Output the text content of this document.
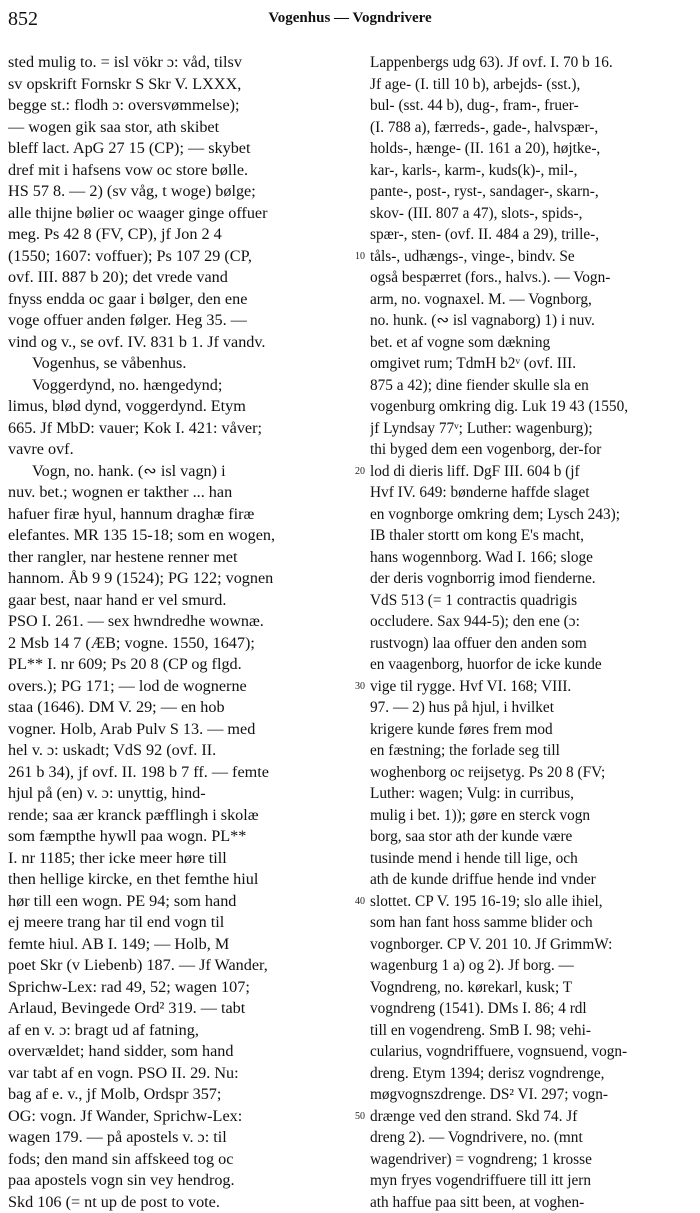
852	Vogenhus — Vogndrivere
sted mulig to. = isl vökr ɔ: våd, tilsv
sv opskrift Fornskr S Skr V. LXXX,
begge st.: flodh ɔ: oversvømmelse);
— wogen gik saa stor, ath skibet
bleff lact. ApG 27 15 (CP); — skybet
dref mit i hafsens vow oc store bølle.
HS 57 8. — 2) (sv våg, t woge) bølge;
alle thijne bølier oc waager ginge offuer
meg. Ps 42 8 (FV, CP), jf Jon 2 4
(1550; 1607: voffuer); Ps 107 29 (CP,
ovf. III. 887 b 20); det vrede vand
fnyss endda oc gaar i bølger, den ene
voge offuer anden følger. Heg 35. —
vind og v., se ovf. IV. 831 b 1. Jf vandv.
Vogenhus, se våbenhus.
Voggerdynd, no. hængedynd;
limus, blød dynd, voggerdynd. Etym
665. Jf MbD: vauer; Kok I. 421: våver;
vavre ovf.
Vogn, no. hank. (∾ isl vagn) i
nuv. bet.; wognen er takther ... han
hafuer firæ hyul, hannum draghæ firæ
elefantes. MR 135 15-18; som en wogen,
ther rangler, nar hestene renner met
hannom. Åb 9 9 (1524); PG 122; vognen
gaar best, naar hand er vel smurd.
PSO I. 261. — sex hwndredhe wownæ.
2 Msb 14 7 (ÆB; vogne. 1550, 1647);
PL** I. nr 609; Ps 20 8 (CP og flgd.
overs.); PG 171; — lod de wognerne
staa (1646). DM V. 29; — en hob
vogner. Holb, Arab Pulv S 13. — med
hel v. ɔ: uskadt; VdS 92 (ovf. II.
261 b 34), jf ovf. II. 198 b 7 ff. — femte
hjul på (en) v. ɔ: unyttig, hind-
rende; saa ær kranck pæfflingh i skolæ
som fæmpthe hywll paa wogn. PL**
I. nr 1185; ther icke meer høre till
then hellige kircke, en thet femthe hiul
hør till een wogn. PE 94; som hand
ej meere trang har til end vogn til
femte hiul. AB I. 149; — Holb, M
poet Skr (v Liebenb) 187. — Jf Wander,
Sprichw-Lex: rad 49, 52; wagen 107;
Arlaud, Bevingede Ord² 319. — tabt
af en v. ɔ: bragt ud af fatning,
overvældet; hand sidder, som hand
var tabt af en vogn. PSO II. 29. Nu:
bag af e. v., jf Molb, Ordspr 357;
OG: vogn. Jf Wander, Sprichw-Lex:
wagen 179. — på apostels v. ɔ: til
fods; den mand sin affskeed tog oc
paa apostels vogn sin vey hendrog.
Skd 106 (= nt up de post to vote.
Lappenbergs udg 63). Jf ovf. I. 70 b 16.
Jf age- (I. till 10 b), arbejds- (sst.),
bul- (sst. 44 b), dug-, fram-, fruer-
(I. 788 a), færreds-, gade-, halvspær-,
holds-, hænge- (II. 161 a 20), højtke-,
kar-, karls-, karm-, kuds(k)-, mil-,
pante-, post-, ryst-, sandager-, skarn-,
skov- (III. 807 a 47), slots-, spids-,
spær-, sten- (ovf. II. 484 a 29), trille-,
tåls-, udhængs-, vinge-, bindv. Se
også bespærret (fors., halvs.). — Vogn-
arm, no. vognaxel. M. — Vognborg,
no. hunk. (∾ isl vagnaborg) 1) i nuv.
bet. et af vogne som dækning
omgivet rum; TdmH b2ᵛ (ovf. III.
875 a 42); dine fiender skulle sla en
vogenburg omkring dig. Luk 19 43 (1550,
jf Lyndsay 77ᵛ; Luther: wagenburg);
thi byged dem een vogenborg, der-for
lod di dieris liff. DgF III. 604 b (jf
Hvf IV. 649: bønderne haffde slaget
en vognborge omkring dem; Lysch 243);
IB thaler stortt om kong E's macht,
hans wogennborg. Wad I. 166; sloge
der deris vognborrig imod fienderne.
VdS 513 (= 1 contractis quadrigis
occludere. Sax 944-5); den ene (ɔ:
rustvogn) laa offuer den anden som
en vaagenborg, huorfor de icke kunde
vige til rygge. Hvf VI. 168; VIII.
97. — 2) hus på hjul, i hvilket
krigere kunde føres frem mod
en fæstning; the forlade seg till
woghenborg oc reijsetyg. Ps 20 8 (FV;
Luther: wagen; Vulg: in curribus,
mulig i bet. 1)); gøre en sterck vogn
borg, saa stor ath der kunde være
tusinde mend i hende till lige, och
ath de kunde driffue hende ind vnder
slottet. CP V. 195 16-19; slo alle ihiel,
som han fant hoss samme blider och
vognborger. CP V. 201 10. Jf GrimmW:
wagenburg 1 a) og 2). Jf borg. —
Vogndreng, no. kørekarl, kusk; T
vogndreng (1541). DMs I. 86; 4 rdl
till en vogendreng. SmB I. 98; vehi-
cularius, vogndriffuere, vognsuend, vogn-
dreng. Etym 1394; derisz vogndrenge,
møgvognszdrenge. DS² VI. 297; vogn-
drænge ved den strand. Skd 74. Jf
dreng 2). — Vogndrivere, no. (mnt
wagendriver) = vogndreng; 1 krosse
myn fryes vogendriffuere till itt jern
ath haffue paa sitt been, at voghen-
10
20
30
40
50
